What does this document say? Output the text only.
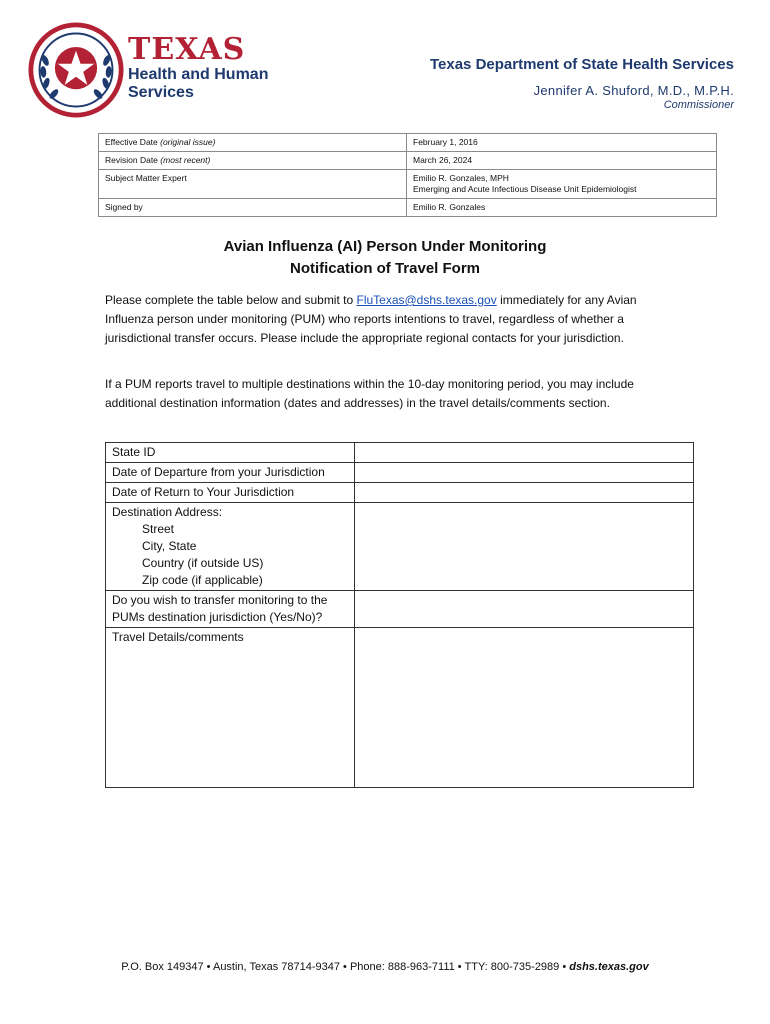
TEXAS
Health and Human
Services
Texas Department of State Health Services
Jennifer A. Shuford, M.D., M.P.H.
Commissioner
Effective Date (original issue)	February 1, 2016
Revision Date (most recent)	March 26, 2024
Subject Matter Expert	Emilio R. Gonzales, MPH
Emerging and Acute Infectious Disease Unit Epidemiologist

Signed by	Emilio R. Gonzales
Avian Influenza (AI) Person Under Monitoring
Notification of Travel Form
Please complete the table below and submit to FluTexas@dshs.texas.gov immediately for any Avian Influenza person under monitoring (PUM) who reports intentions to travel, regardless of whether a jurisdictional transfer occurs. Please include the appropriate regional contacts for your jurisdiction.
If a PUM reports travel to multiple destinations within the 10-day monitoring period, you may include additional destination information (dates and addresses) in the travel details/comments section.
State ID	
Date of Departure from your Jurisdiction	
Date of Return to Your Jurisdiction	

Destination Address:
Street
City, State
Country (if outside US)
Zip code (if applicable)	

Do you wish to transfer monitoring to the PUMs destination jurisdiction (Yes/No)?	
Travel Details/comments	
P.O. Box 149347 • Austin, Texas 78714-9347 • Phone: 888-963-7111 • TTY: 800-735-2989 • dshs.texas.gov
